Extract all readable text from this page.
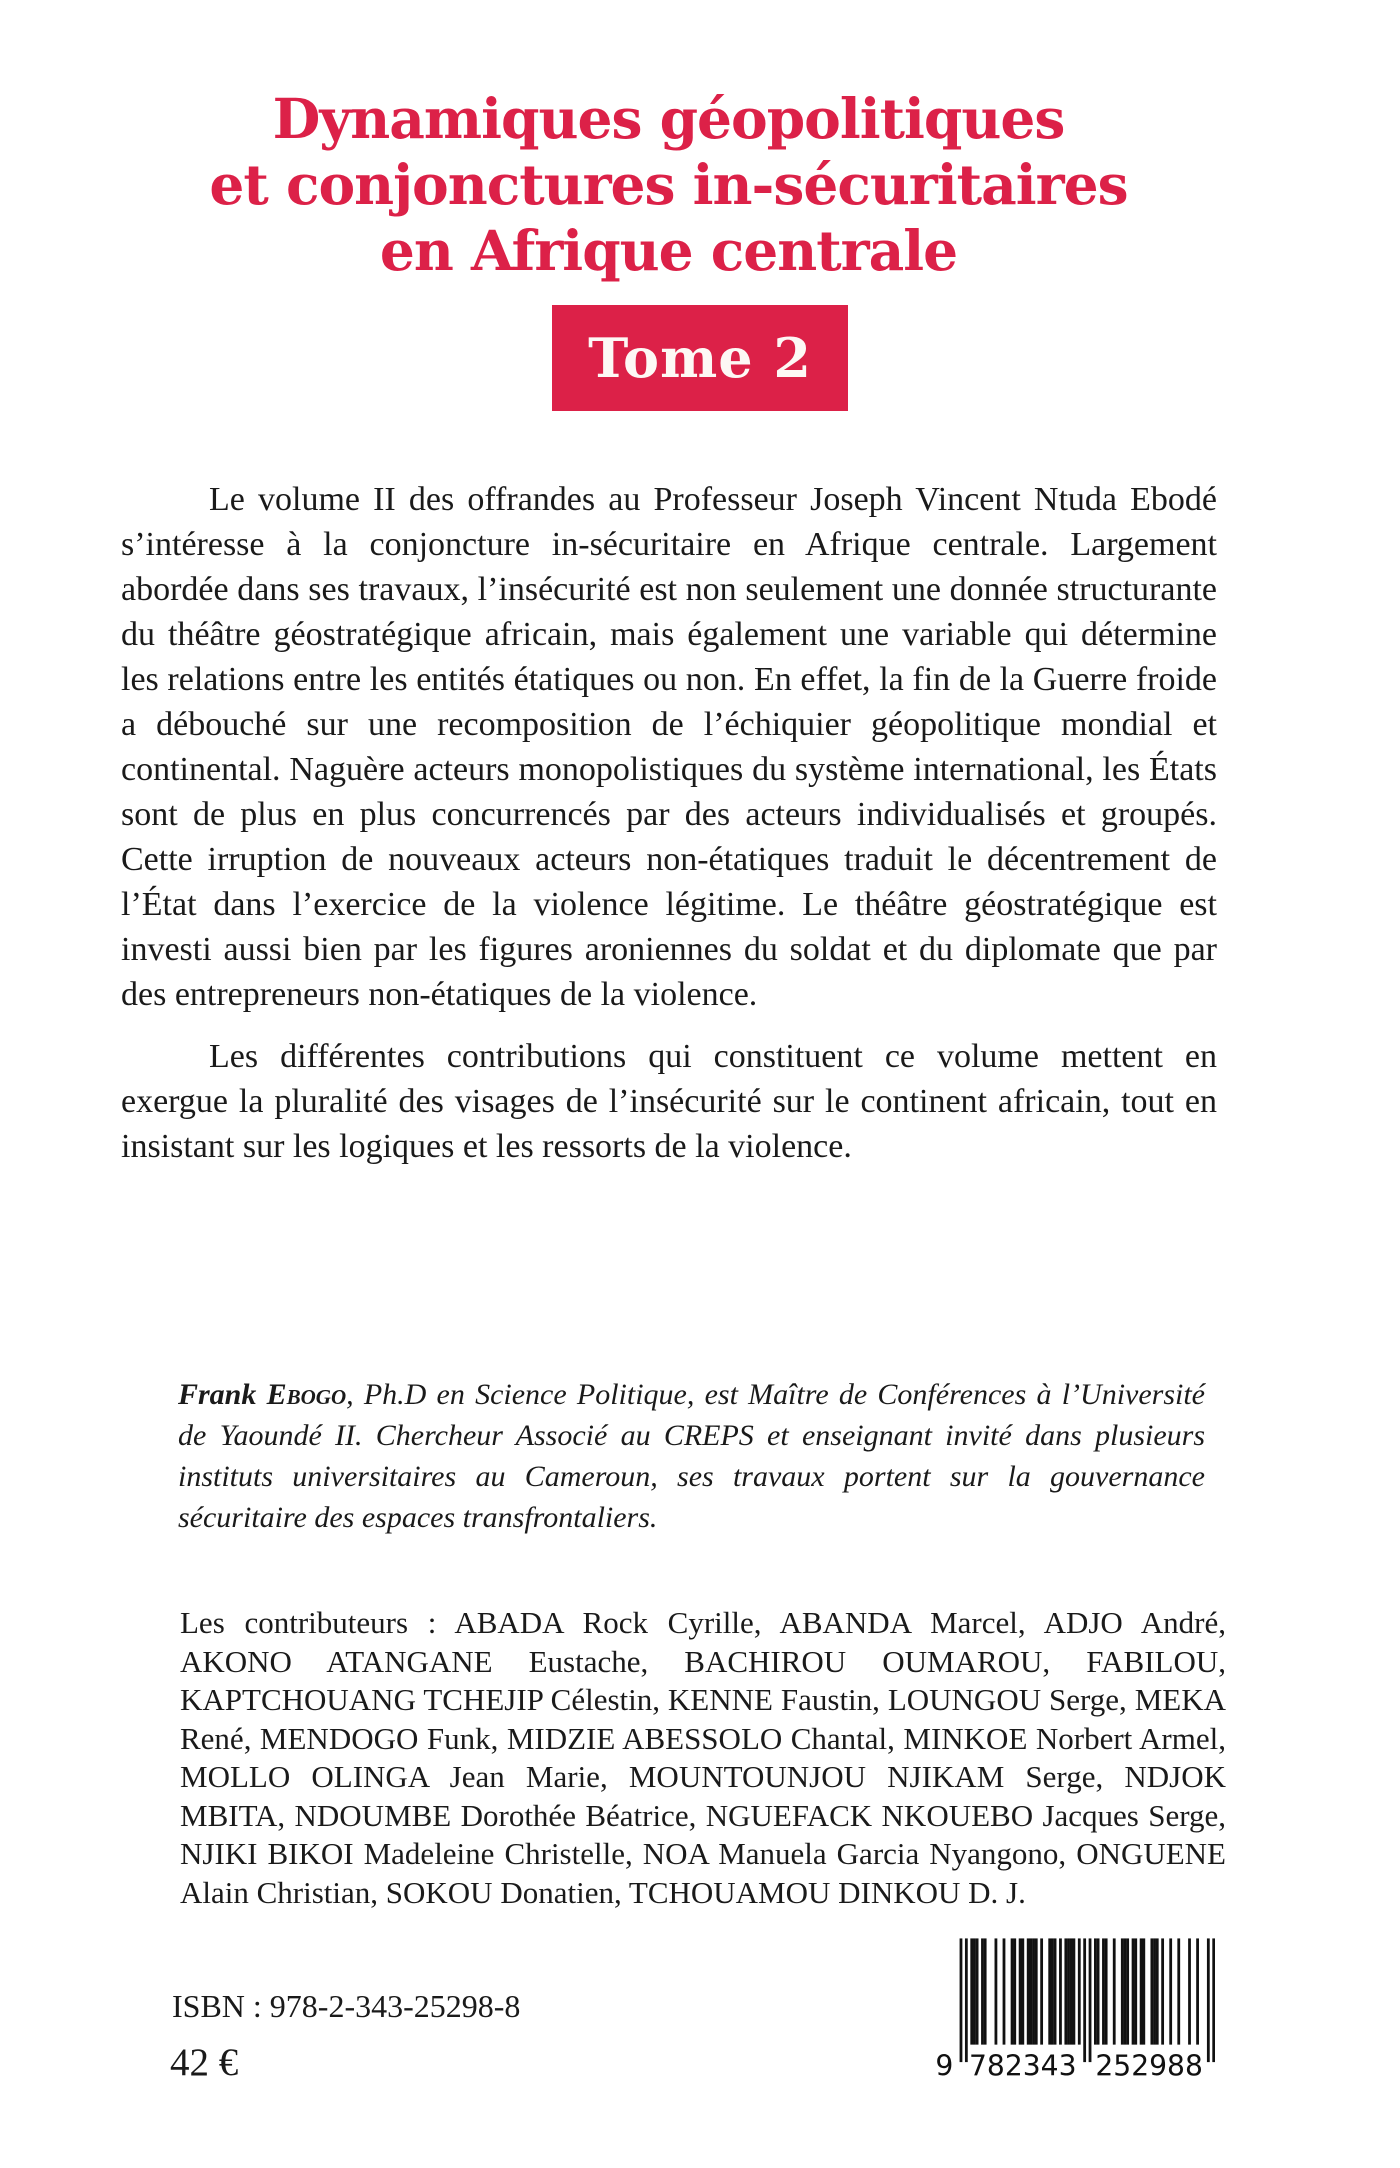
Dynamiques géopolitiques
et conjonctures in-sécuritaires
en Afrique centrale
Tome 2

Le volume II des offrandes au Professeur Joseph Vincent Ntuda Ebodé s’intéresse à la conjoncture in-sécuritaire en Afrique centrale. Largement abordée dans ses travaux, l’insécurité est non seulement une donnée structurante du théâtre géostratégique africain, mais également une variable qui détermine les relations entre les entités étatiques ou non. En effet, la fin de la Guerre froide a débouché sur une recomposition de l’échiquier géopolitique mondial et continental. Naguère acteurs monopolistiques du système international, les États sont de plus en plus concurrencés par des acteurs individualisés et groupés. Cette irruption de nouveaux acteurs non-étatiques traduit le décentrement de l’État dans l’exercice de la violence légitime. Le théâtre géostratégique est investi aussi bien par les figures aroniennes du soldat et du diplomate que par des entrepreneurs non-étatiques de la violence.

Les différentes contributions qui constituent ce volume mettent en exergue la pluralité des visages de l’insécurité sur le continent africain, tout en insistant sur les logiques et les ressorts de la violence.

Frank Ebogo, Ph.D en Science Politique, est Maître de Conférences à l’Université de Yaoundé II. Chercheur Associé au CREPS et enseignant invité dans plusieurs instituts universitaires au Cameroun, ses travaux portent sur la gouvernance sécuritaire des espaces transfrontaliers.

Les contributeurs : ABADA Rock Cyrille, ABANDA Marcel, ADJO André, AKONO ATANGANE Eustache, BACHIROU OUMAROU, FABILOU, KAPTCHOUANG TCHEJIP Célestin, KENNE Faustin, LOUNGOU Serge, MEKA René, MENDOGO Funk, MIDZIE ABESSOLO Chantal, MINKOE Norbert Armel, MOLLO OLINGA Jean Marie, MOUNTOUNJOU NJIKAM Serge, NDJOK MBITA, NDOUMBE Dorothée Béatrice, NGUEFACK NKOUEBO Jacques Serge, NJIKI BIKOI Madeleine Christelle, NOA Manuela Garcia Nyangono, ONGUENE Alain Christian, SOKOU Donatien, TCHOUAMOU DINKOU D. J.

ISBN : 978-2-343-25298-8
42 €	9 782343 252988
